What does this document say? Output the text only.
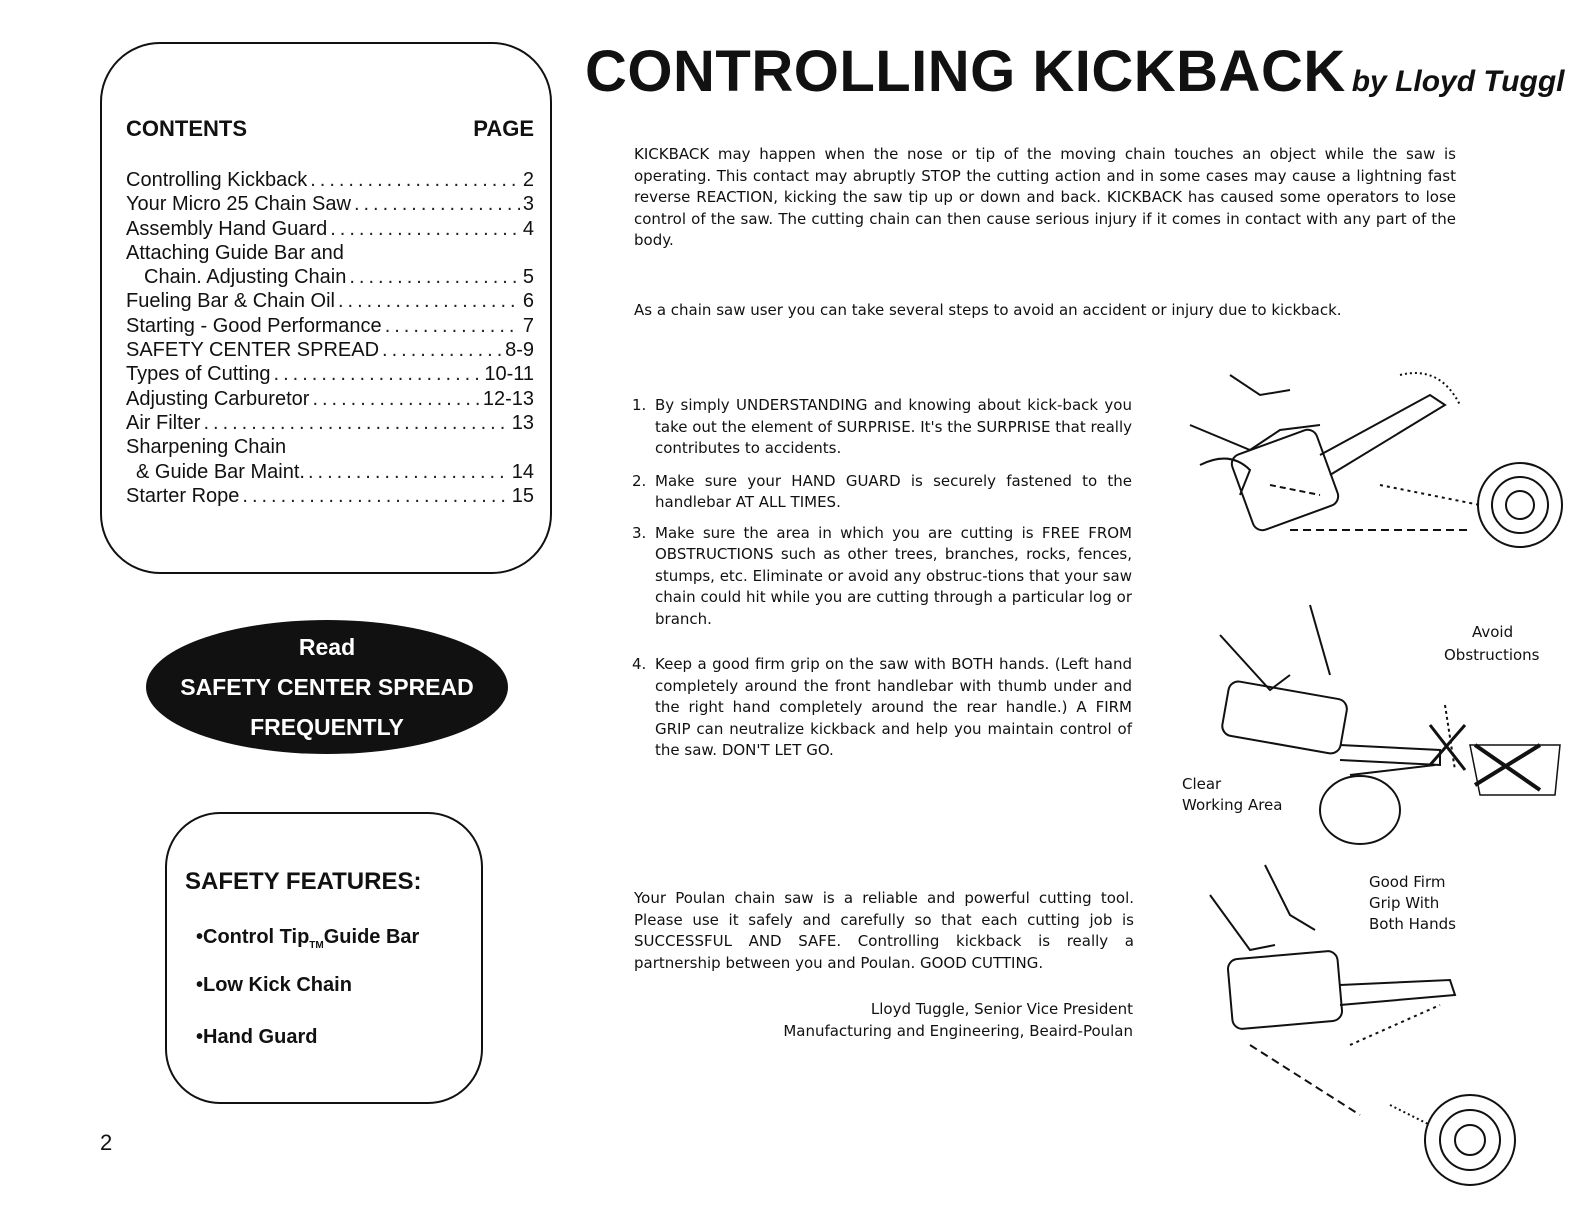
CONTENTS	PAGE
Controlling Kickback .....	2
Your Micro 25 Chain Saw .....	3
Assembly Hand Guard .....	4
Attaching Guide Bar and
Chain. Adjusting Chain .....	5
Fueling Bar & Chain Oil .....	6
Starting - Good Performance .....	7
SAFETY CENTER SPREAD .....	8-9
Types of Cutting .....	10-11
Adjusting Carburetor .....	12-13
Air Filter .....	13
Sharpening Chain
& Guide Bar Maint. .....	14
Starter Rope .....	15
Read
SAFETY CENTER SPREAD
FREQUENTLY
SAFETY FEATURES:
•Control Tip$_{TM}$Guide Bar
•Low Kick Chain
•Hand Guard
2
CONTROLLING KICKBACK by Lloyd Tuggl
KICKBACK may happen when the nose or tip of the moving chain touches an object while the saw is operating. This contact may abruptly STOP the cutting action and in some cases may cause a lightning fast reverse REACTION, kicking the saw tip up or down and back. KICKBACK has caused some operators to lose control of the saw. The cutting chain can then cause serious injury if it comes in contact with any part of the body.
As a chain saw user you can take several steps to avoid an accident or injury due to kickback.
1. By simply UNDERSTANDING and knowing about kick-back you take out the element of SURPRISE. It's the SURPRISE that really contributes to accidents.
2. Make sure your HAND GUARD is securely fastened to the handlebar AT ALL TIMES.
3. Make sure the area in which you are cutting is FREE FROM OBSTRUCTIONS such as other trees, branches, rocks, fences, stumps, etc. Eliminate or avoid any obstruc-tions that your saw chain could hit while you are cutting through a particular log or branch.
4. Keep a good firm grip on the saw with BOTH hands. (Left hand completely around the front handlebar with thumb under and the right hand completely around the rear handle.) A FIRM GRIP can neutralize kickback and help you maintain control of the saw. DON'T LET GO.
Your Poulan chain saw is a reliable and powerful cutting tool. Please use it safely and carefully so that each cutting job is SUCCESSFUL AND SAFE. Controlling kickback is really a partnership between you and Poulan. GOOD CUTTING.
Lloyd Tuggle, Senior Vice President
Manufacturing and Engineering, Beaird-Poulan
Avoid
Obstructions
Clear
Working Area
Good Firm
Grip With
Both Hands
